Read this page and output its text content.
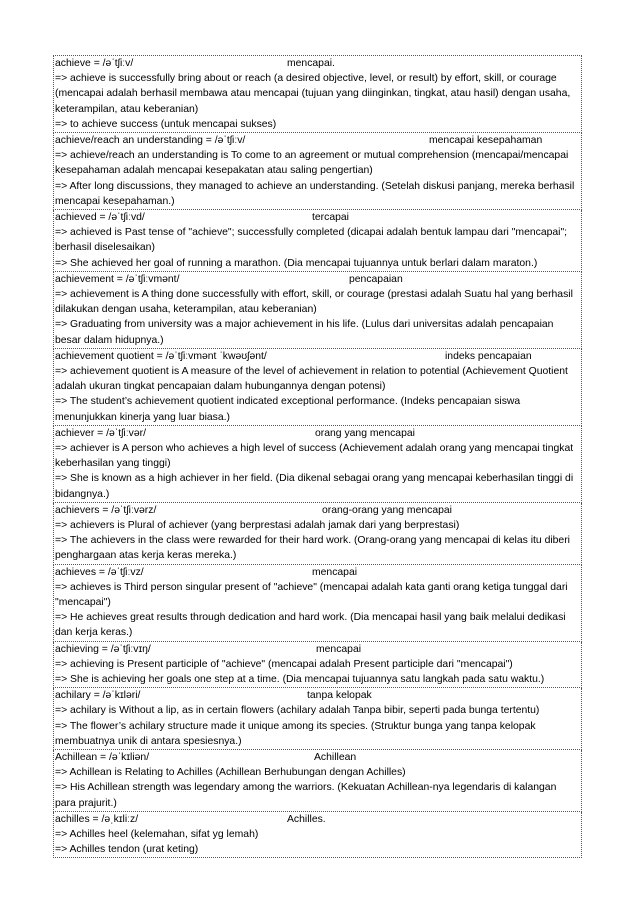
achieve = /əˈtʃiːv/	mencapai.

=> achieve is successfully bring about or reach (a desired objective, level, or result) by effort, skill, or courage (mencapai adalah berhasil membawa atau mencapai (tujuan yang diinginkan, tingkat, atau hasil) dengan usaha, keterampilan, atau keberanian)

=> to achieve success (untuk mencapai sukses)

achieve/reach an understanding = /əˈtʃiːv/	mencapai kesepahaman

=> achieve/reach an understanding is To come to an agreement or mutual comprehension (mencapai/mencapai kesepahaman adalah mencapai kesepakatan atau saling pengertian)

=> After long discussions, they managed to achieve an understanding. (Setelah diskusi panjang, mereka berhasil mencapai kesepahaman.)

achieved = /əˈtʃiːvd/	tercapai

=> achieved is Past tense of "achieve"; successfully completed (dicapai adalah bentuk lampau dari "mencapai"; berhasil diselesaikan)

=> She achieved her goal of running a marathon. (Dia mencapai tujuannya untuk berlari dalam maraton.)

achievement = /əˈtʃiːvmənt/	pencapaian

=> achievement is A thing done successfully with effort, skill, or courage (prestasi adalah Suatu hal yang berhasil dilakukan dengan usaha, keterampilan, atau keberanian)

=> Graduating from university was a major achievement in his life. (Lulus dari universitas adalah pencapaian besar dalam hidupnya.)

achievement quotient = /əˈtʃiːvmənt ˈkwəʊʃənt/	indeks pencapaian

=> achievement quotient is A measure of the level of achievement in relation to potential (Achievement Quotient adalah ukuran tingkat pencapaian dalam hubungannya dengan potensi)

=> The student’s achievement quotient indicated exceptional performance. (Indeks pencapaian siswa menunjukkan kinerja yang luar biasa.)

achiever = /əˈtʃiːvər/	orang yang mencapai

=> achiever is A person who achieves a high level of success (Achievement adalah orang yang mencapai tingkat keberhasilan yang tinggi)

=> She is known as a high achiever in her field. (Dia dikenal sebagai orang yang mencapai keberhasilan tinggi di bidangnya.)

achievers = /əˈtʃiːvərz/	orang-orang yang mencapai

=> achievers is Plural of achiever (yang berprestasi adalah jamak dari yang berprestasi)

=> The achievers in the class were rewarded for their hard work. (Orang-orang yang mencapai di kelas itu diberi penghargaan atas kerja keras mereka.)

achieves = /əˈtʃiːvz/	mencapai

=> achieves is Third person singular present of "achieve" (mencapai adalah kata ganti orang ketiga tunggal dari "mencapai")

=> He achieves great results through dedication and hard work. (Dia mencapai hasil yang baik melalui dedikasi dan kerja keras.)

achieving = /əˈtʃiːvɪŋ/	mencapai

=> achieving is Present participle of "achieve" (mencapai adalah Present participle dari "mencapai")

=> She is achieving her goals one step at a time. (Dia mencapai tujuannya satu langkah pada satu waktu.)

achilary = /əˈkɪləri/	tanpa kelopak

=> achilary is Without a lip, as in certain flowers (achilary adalah Tanpa bibir, seperti pada bunga tertentu)

=> The flower’s achilary structure made it unique among its species. (Struktur bunga yang tanpa kelopak membuatnya unik di antara spesiesnya.)

Achillean = /əˈkɪliən/	Achillean

=> Achillean is Relating to Achilles (Achillean Berhubungan dengan Achilles)

=> His Achillean strength was legendary among the warriors. (Kekuatan Achillean-nya legendaris di kalangan para prajurit.)

achilles = /əˌkɪliːz/	Achilles.

=> Achilles heel (kelemahan, sifat yg lemah)

=> Achilles tendon (urat keting)
